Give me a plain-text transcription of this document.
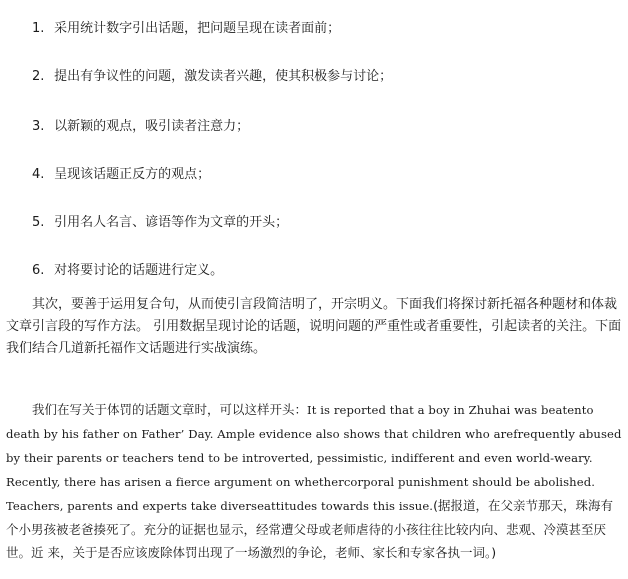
1. 采用统计数字引出话题，把问题呈现在读者面前；
2. 提出有争议性的问题，激发读者兴趣，使其积极参与讨论；
3. 以新颖的观点，吸引读者注意力；
4. 呈现该话题正反方的观点；
5. 引用名人名言、谚语等作为文章的开头；
6. 对将要讨论的话题进行定义。

其次，要善于运用复合句，从而使引言段简洁明了，开宗明义。下面我们将探讨新托福各种题材和体裁文章引言段的写作方法。 引用数据呈现讨论的话题，说明问题的严重性或者重要性，引起读者的关注。下面我们结合几道新托福作文话题进行实战演练。

我们在写关于体罚的话题文章时，可以这样开头：It is reported that a boy in Zhuhai was beatento death by his father on Father’ Day. Ample evidence also shows that children who arefrequently abused by their parents or teachers tend to be introverted, pessimistic, indifferent and even world-weary. Recently, there has arisen a fierce argument on whethercorporal punishment should be abolished. Teachers, parents and experts take diverseattitudes towards this issue.(据报道，在父亲节那天，珠海有个小男孩被老爸揍死了。充分的证据也显示，经常遭父母或老师虐待的小孩往往比较内向、悲观、冷漠甚至厌世。近 来，关于是否应该废除体罚出现了一场激烈的争论，老师、家长和专家各执一词。)
